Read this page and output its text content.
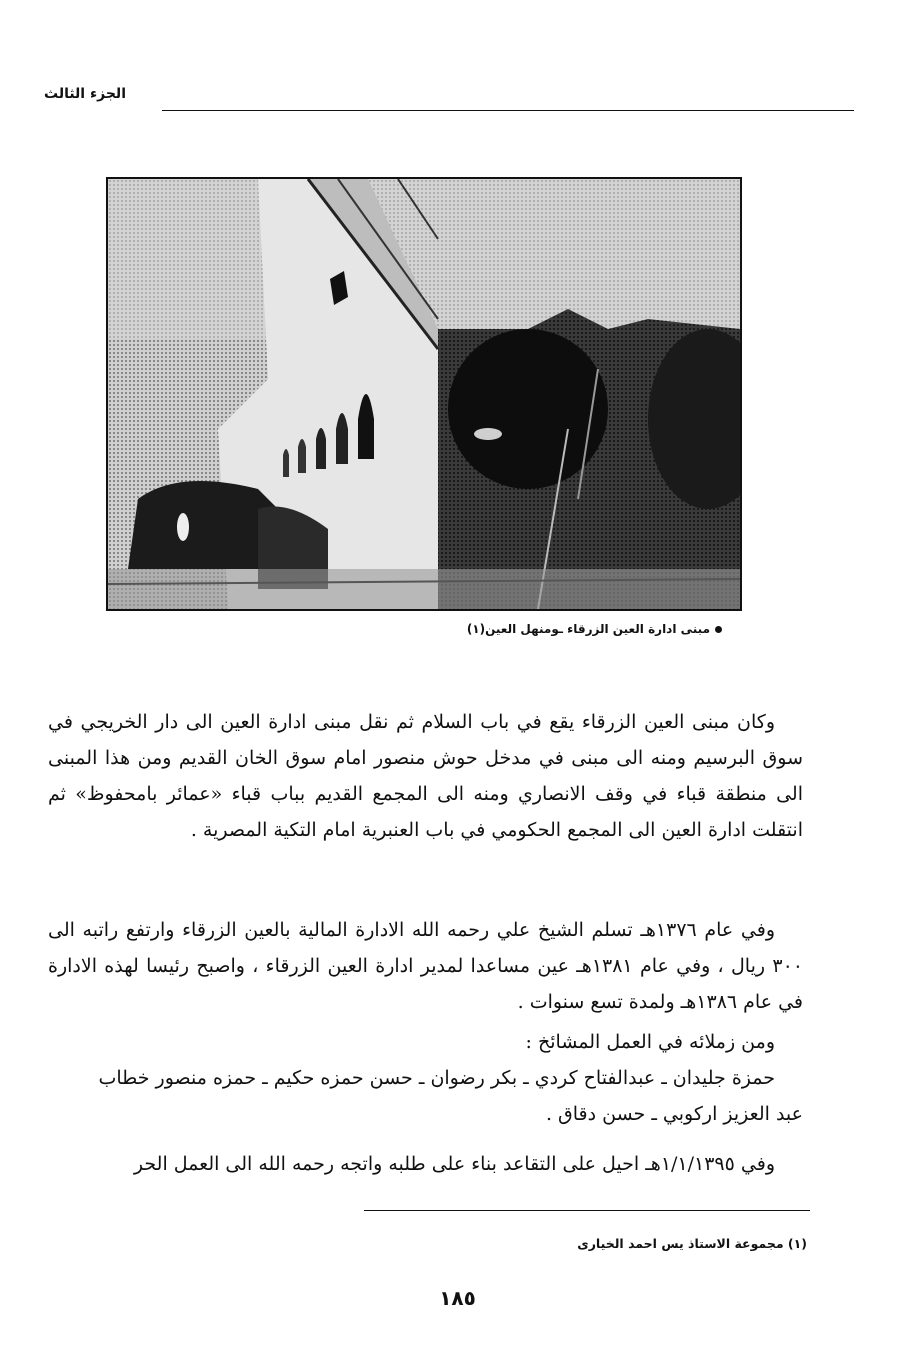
الجزء الثالث
مبنى ادارة العين الزرقاء ـومنهل العين(١)
وكان مبنى العين الزرقاء يقع في باب السلام ثم نقل مبنى ادارة العين الى دار الخريجي في سوق البرسيم ومنه الى مبنى في مدخل حوش منصور امام سوق الخان القديم ومن هذا المبنى الى منطقة قباء في وقف الانصاري ومنه الى المجمع القديم بباب قباء «عمائر بامحفوظ» ثم انتقلت ادارة العين الى المجمع الحكومي في باب العنبرية امام التكية المصرية .
وفي عام ١٣٧٦هـ تسلم الشيخ علي رحمه الله الادارة المالية بالعين الزرقاء وارتفع راتبه الى ٣٠٠ ريال ، وفي عام ١٣٨١هـ عين مساعدا لمدير ادارة العين الزرقاء ، واصبح رئيسا لهذه الادارة في عام ١٣٨٦هـ ولمدة تسع سنوات .
ومن زملائه في العمل المشائخ :
حمزة جليدان ـ عبدالفتاح كردي ـ بكر رضوان ـ حسن حمزه حكيم ـ حمزه منصور خطاب
عبد العزيز اركوبي ـ حسن دقاق .
وفي ١/١/١٣٩٥هـ احيل على التقاعد بناء على طلبه واتجه رحمه الله الى العمل الحر
(١) مجموعة الاستاذ يس احمد الخيارى
١٨٥
